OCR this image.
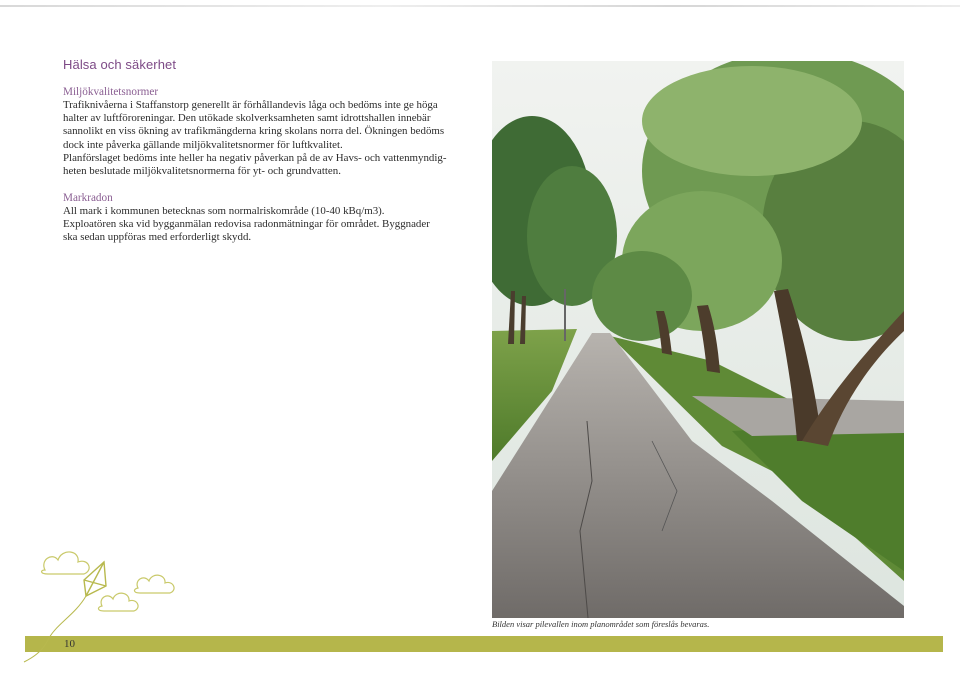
Hälsa och säkerhet

Miljökvalitetsnormer

Trafiknivåerna i Staffanstorp generellt är förhållandevis låga och bedöms inte ge höga

halter av luftföroreningar. Den utökade skolverksamheten samt idrottshallen innebär

sannolikt en viss ökning av trafikmängderna kring skolans norra del. Ökningen bedöms

dock inte påverka gällande miljökvalitetsnormer för luftkvalitet.

Planförslaget bedöms inte heller ha negativ påverkan på de av Havs- och vattenmyndig-

heten beslutade miljökvalitetsnormerna för yt- och grundvatten.

Markradon

All mark i kommunen betecknas som normalriskområde (10-40 kBq/m3).

Exploatören ska vid bygganmälan redovisa radonmätningar för området. Byggnader

ska sedan uppföras med erforderligt skydd.

Bilden visar pilevallen inom planområdet som föreslås bevaras.
10
